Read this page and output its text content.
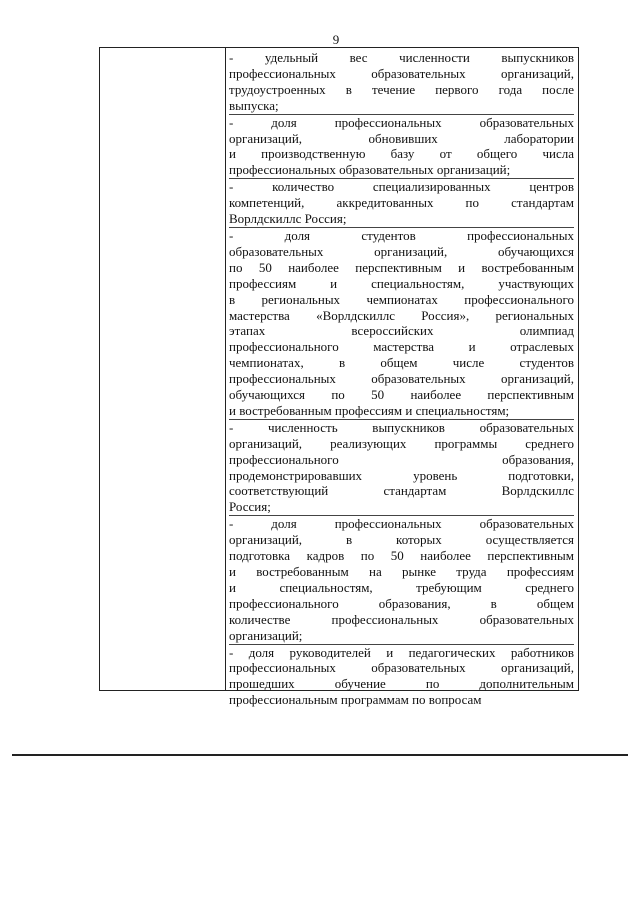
9
- удельный вес численности выпускников
профессиональных образовательных организаций,
трудоустроенных в течение первого года после
выпуска;
- доля профессиональных образовательных
организаций, обновивших лаборатории
и производственную базу от общего числа
профессиональных образовательных организаций;
- количество специализированных центров
компетенций, аккредитованных по стандартам
Ворлдскиллс Россия;
- доля студентов профессиональных
образовательных организаций, обучающихся
по 50 наиболее перспективным и востребованным
профессиям и специальностям, участвующих
в региональных чемпионатах профессионального
мастерства «Ворлдскиллс Россия», региональных
этапах всероссийских олимпиад
профессионального мастерства и отраслевых
чемпионатах, в общем числе студентов
профессиональных образовательных организаций,
обучающихся по 50 наиболее перспективным
и востребованным профессиям и специальностям;
- численность выпускников образовательных
организаций, реализующих программы среднего
профессионального образования,
продемонстрировавших уровень подготовки,
соответствующий стандартам Ворлдскиллс
Россия;
- доля профессиональных образовательных
организаций, в которых осуществляется
подготовка кадров по 50 наиболее перспективным
и востребованным на рынке труда профессиям
и специальностям, требующим среднего
профессионального образования, в общем
количестве профессиональных образовательных
организаций;
- доля руководителей и педагогических работников
профессиональных образовательных организаций,
прошедших обучение по дополнительным
профессиональным программам по вопросам
